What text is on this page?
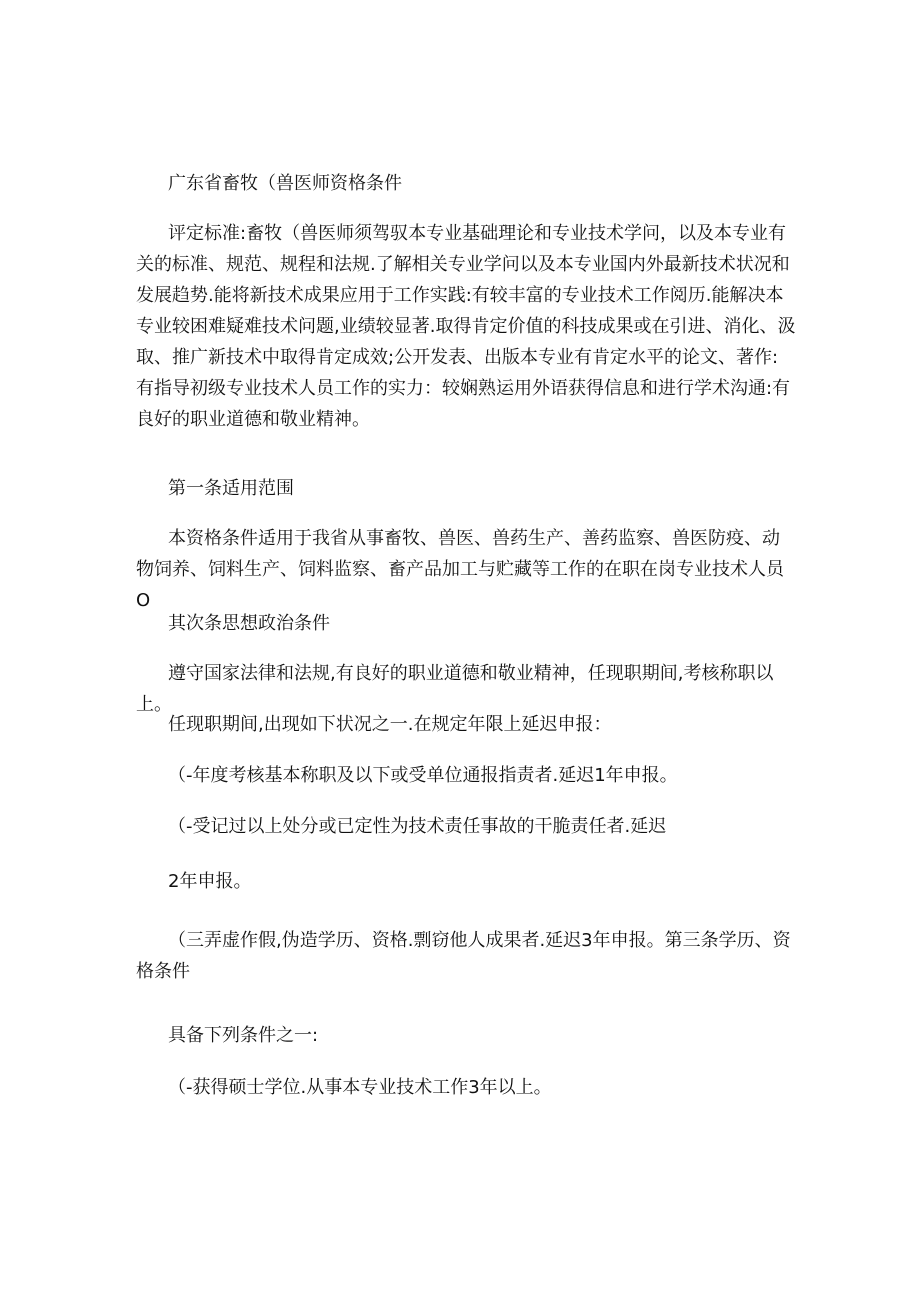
广东省畜牧（兽医师资格条件
评定标准:畜牧（兽医师须驾驭本专业基础理论和专业技术学问，以及本专业有关的标准、规范、规程和法规.了解相关专业学问以及本专业国内外最新技术状况和发展趋势.能将新技术成果应用于工作实践:有较丰富的专业技术工作阅历.能解决本专业较困难疑难技术问题,业绩较显著.取得肯定价值的科技成果或在引进、消化、汲取、推广新技术中取得肯定成效;公开发表、出版本专业有肯定水平的论文、著作:有指导初级专业技术人员工作的实力：较娴熟运用外语获得信息和进行学术沟通:有良好的职业道德和敬业精神。
第一条适用范围
本资格条件适用于我省从事畜牧、兽医、兽药生产、善药监察、兽医防疫、动物饲养、饲料生产、饲料监察、畜产品加工与贮藏等工作的在职在岗专业技术人员O
其次条思想政治条件
遵守国家法律和法规,有良好的职业道德和敬业精神，任现职期间,考核称职以上。
任现职期间,出现如下状况之一.在规定年限上延迟申报：
（-年度考核基本称职及以下或受单位通报指责者.延迟1年申报。
（-受记过以上处分或已定性为技术责任事故的干脆责任者.延迟
2年申报。
（三弄虚作假,伪造学历、资格.剽窃他人成果者.延迟3年申报。第三条学历、资格条件
具备下列条件之一:
（-获得硕士学位.从事本专业技术工作3年以上。
